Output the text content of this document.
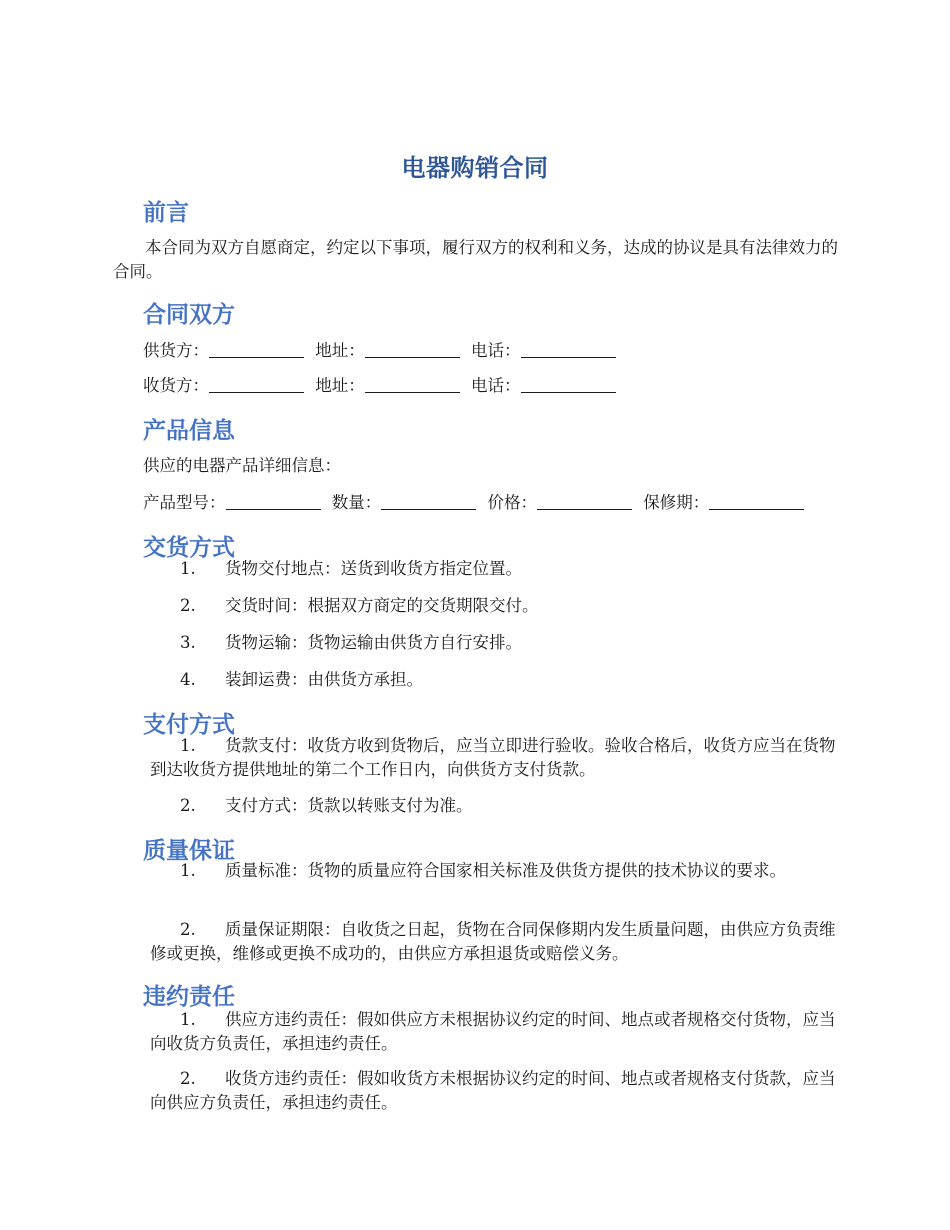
电器购销合同
前言
本合同为双方自愿商定，约定以下事项，履行双方的权利和义务，达成的协议是具有法律效力的合同。
合同双方
供货方：	地址：	电话：
收货方：	地址：	电话：
产品信息
供应的电器产品详细信息：
产品型号：	数量：	价格：	保修期：
交货方式
1. 货物交付地点：送货到收货方指定位置。
2. 交货时间：根据双方商定的交货期限交付。
3. 货物运输：货物运输由供货方自行安排。
4. 装卸运费：由供货方承担。
支付方式
1. 货款支付：收货方收到货物后，应当立即进行验收。验收合格后，收货方应当在货物到达收货方提供地址的第二个工作日内，向供货方支付货款。
2. 支付方式：货款以转账支付为准。
质量保证
1. 质量标准：货物的质量应符合国家相关标准及供货方提供的技术协议的要求。
2. 质量保证期限：自收货之日起，货物在合同保修期内发生质量问题，由供应方负责维修或更换，维修或更换不成功的，由供应方承担退货或赔偿义务。
违约责任
1. 供应方违约责任：假如供应方未根据协议约定的时间、地点或者规格交付货物，应当向收货方负责任，承担违约责任。
2. 收货方违约责任：假如收货方未根据协议约定的时间、地点或者规格支付货款，应当向供应方负责任，承担违约责任。
